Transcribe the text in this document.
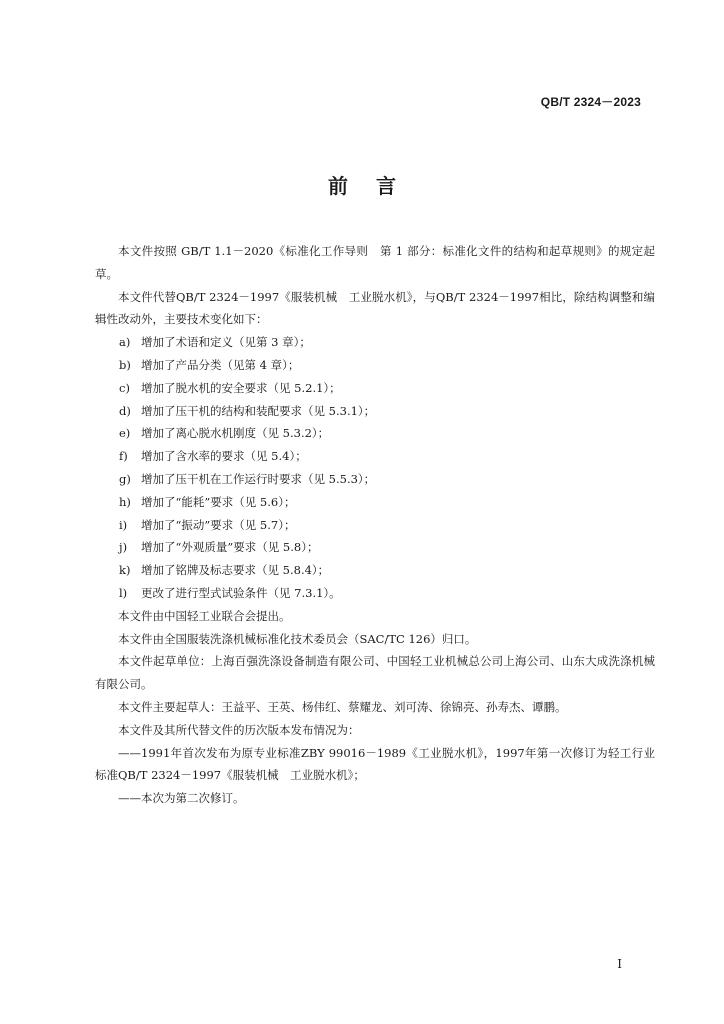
QB/T 2324－2023
前言

本文件按照 GB/T 1.1－2020《标准化工作导则　第 1 部分：标准化文件的结构和起草规则》的规定起草。

本文件代替QB/T 2324－1997《服装机械　工业脱水机》，与QB/T 2324－1997相比，除结构调整和编辑性改动外，主要技术变化如下：

a) 增加了术语和定义（见第 3 章）；
b) 增加了产品分类（见第 4 章）；
c) 增加了脱水机的安全要求（见 5.2.1）；
d) 增加了压干机的结构和装配要求（见 5.3.1）；
e) 增加了离心脱水机刚度（见 5.3.2）；
f)	增加了含水率的要求（见 5.4）；
g) 增加了压干机在工作运行时要求（见 5.5.3）；
h) 增加了“能耗”要求（见 5.6）；
i)	增加了“振动”要求（见 5.7）；
j)	增加了“外观质量”要求（见 5.8）；
k) 增加了铭牌及标志要求（见 5.8.4）；
l)	更改了进行型式试验条件（见 7.3.1）。

本文件由中国轻工业联合会提出。

本文件由全国服装洗涤机械标准化技术委员会（SAC/TC 126）归口。

本文件起草单位：上海百强洗涤设备制造有限公司、中国轻工业机械总公司上海公司、山东大成洗涤机械有限公司。

本文件主要起草人：王益平、王英、杨伟红、蔡耀龙、刘可涛、徐锦亮、孙寿杰、谭鹏。

本文件及其所代替文件的历次版本发布情况为：

——1991年首次发布为原专业标准ZBY 99016－1989《工业脱水机》，1997年第一次修订为轻工行业标准QB/T 2324－1997《服装机械　工业脱水机》；

——本次为第二次修订。

I
